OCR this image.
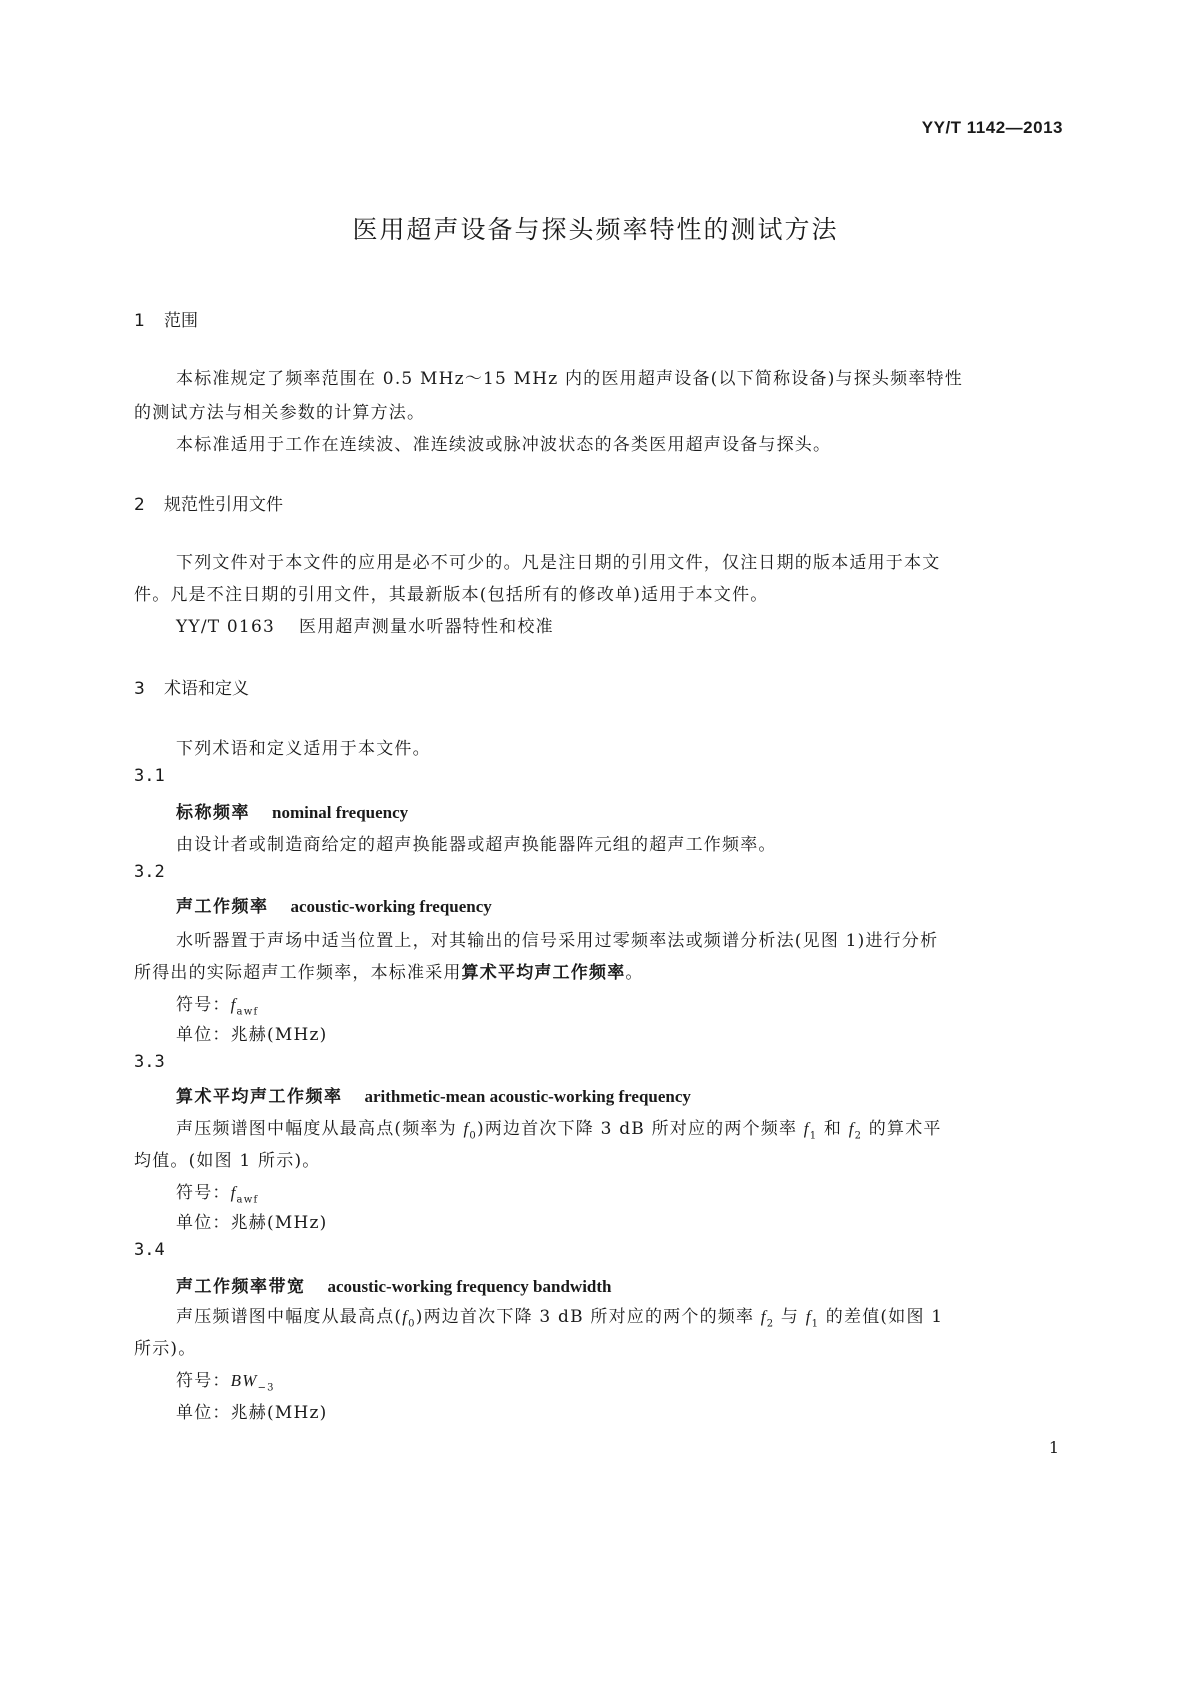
YY/T 1142—2013
医用超声设备与探头频率特性的测试方法
1 范围
本标准规定了频率范围在 0.5 MHz～15 MHz 内的医用超声设备(以下简称设备)与探头频率特性
的测试方法与相关参数的计算方法。
本标准适用于工作在连续波、准连续波或脉冲波状态的各类医用超声设备与探头。
2 规范性引用文件
下列文件对于本文件的应用是必不可少的。凡是注日期的引用文件，仅注日期的版本适用于本文
件。凡是不注日期的引用文件，其最新版本(包括所有的修改单)适用于本文件。
YY/T 0163 医用超声测量水听器特性和校准
3 术语和定义
下列术语和定义适用于本文件。
3.1
标称频率 nominal frequency
由设计者或制造商给定的超声换能器或超声换能器阵元组的超声工作频率。
3.2
声工作频率 acoustic-working frequency
水听器置于声场中适当位置上，对其输出的信号采用过零频率法或频谱分析法(见图 1)进行分析
所得出的实际超声工作频率，本标准采用算术平均声工作频率。
符号：$f_{awf}$
单位：兆赫(MHz)
3.3
算术平均声工作频率 arithmetic-mean acoustic-working frequency
声压频谱图中幅度从最高点(频率为 $f_0$)两边首次下降 3 dB 所对应的两个频率 $f_1$ 和 $f_2$ 的算术平
均值。(如图 1 所示)。
符号：$f_{awf}$
单位：兆赫(MHz)
3.4
声工作频率带宽 acoustic-working frequency bandwidth
声压频谱图中幅度从最高点$(f_0)$两边首次下降 3 dB 所对应的两个的频率 $f_2$ 与 $f_1$ 的差值(如图 1
所示)。
符号：$BW_{-3}$
单位：兆赫(MHz)
1
